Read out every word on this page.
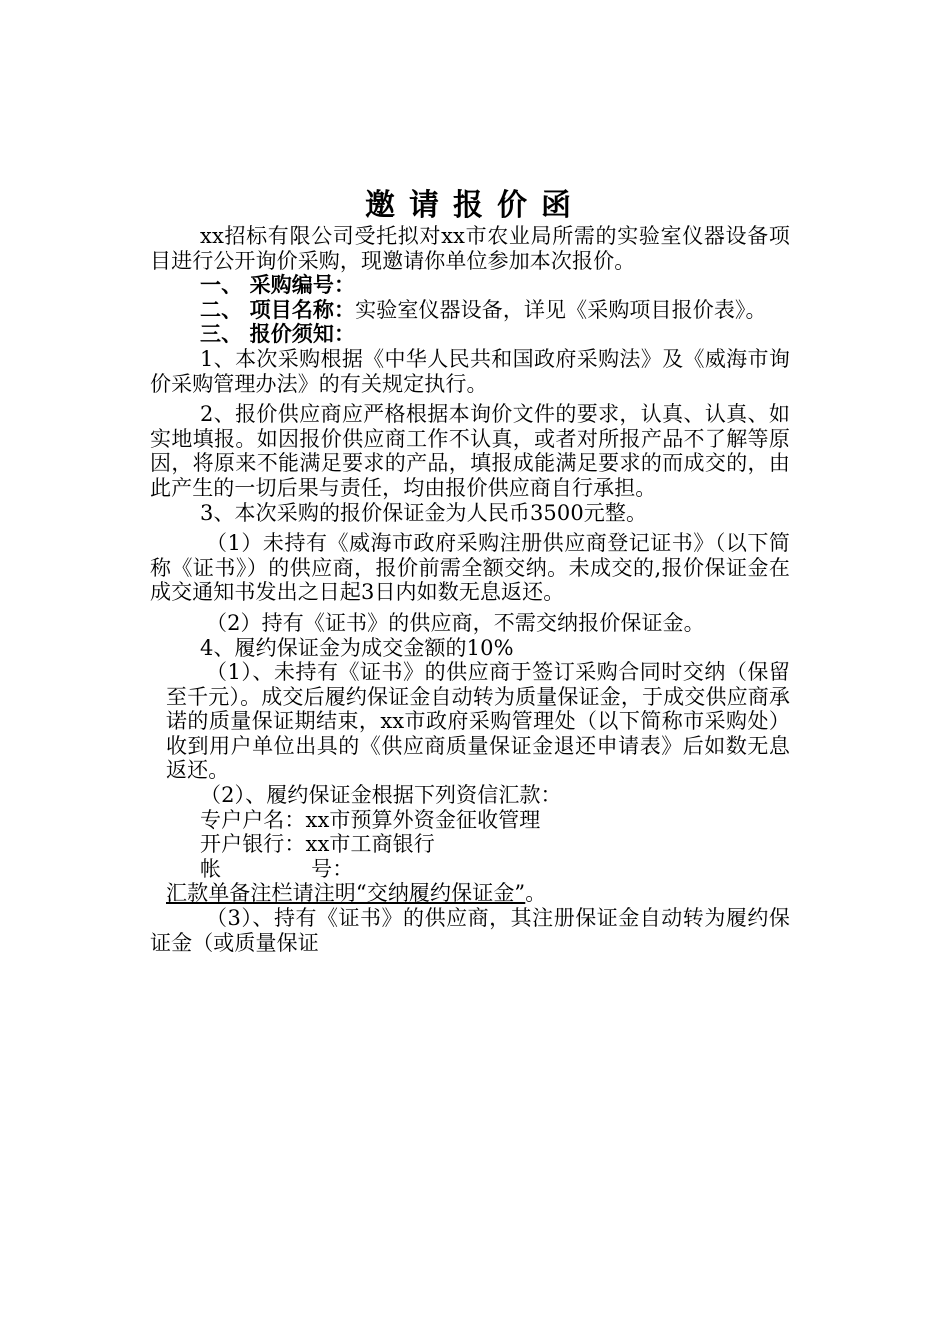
邀请报价函

xx招标有限公司受托拟对xx市农业局所需的实验室仪器设备项目进行公开询价采购，现邀请你单位参加本次报价。

一、 采购编号：

二、 项目名称：实验室仪器设备，详见《采购项目报价表》。

三、 报价须知：

1、本次采购根据《中华人民共和国政府采购法》及《威海市询价采购管理办法》的有关规定执行。

2、报价供应商应严格根据本询价文件的要求，认真、认真、如实地填报。如因报价供应商工作不认真，或者对所报产品不了解等原因，将原来不能满足要求的产品，填报成能满足要求的而成交的，由此产生的一切后果与责任，均由报价供应商自行承担。

3、本次采购的报价保证金为人民币3500元整。

（1）未持有《威海市政府采购注册供应商登记证书》（以下简称《证书》）的供应商，报价前需全额交纳。未成交的,报价保证金在成交通知书发出之日起3日内如数无息返还。

（2）持有《证书》的供应商，不需交纳报价保证金。

4、履约保证金为成交金额的10%

（1）、未持有《证书》的供应商于签订采购合同时交纳（保留至千元）。成交后履约保证金自动转为质量保证金，于成交供应商承诺的质量保证期结束，xx市政府采购管理处（以下简称市采购处）收到用户单位出具的《供应商质量保证金退还申请表》后如数无息返还。

（2）、履约保证金根据下列资信汇款：

专户户名：xx市预算外资金征收管理

开户银行：xx市工商银行

帐	号：

汇款单备注栏请注明“交纳履约保证金”。

（3）、持有《证书》的供应商，其注册保证金自动转为履约保证金（或质量保证
